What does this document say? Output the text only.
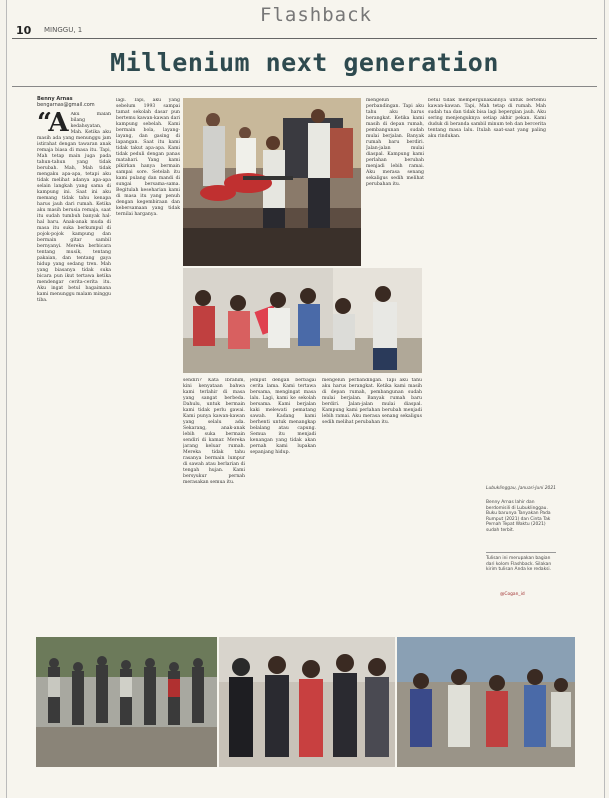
Flashback
10 MINGGU, 1
Millenium next generation
Benny Arnas
bengarnas@gmail.com
“A Aku malah bilang kedahsyatan, Mah. Ketika aku masih ada yang menunggu jam istirahat dengan tawaran anak remaja biasa di masa itu. Tapi, Mah tetap main juga pada tahun-tahun yang tidak berubah. Mah, Mah tidak mengaku apa-apa, tetapi aku tidak melihat adanya apa-apa selain langkah yang sama di kampung ini. Saat ini aku memang tidak tahu kenapa harus jauh dari rumah. Ketika aku masih berusia remaja, saat itu sudah tumbuh banyak hal-hal baru. Anak-anak muda di masa itu suka berkumpul di pojok-pojok kampung dan bermain gitar sambil bernyanyi. Mereka berbicara tentang musik, tentang pakaian, dan tentang gaya hidup yang sedang tren. Mah yang biasanya tidak suka bicara pun ikut tertawa ketika mendengar cerita-cerita itu. Aku ingat betul bagaimana kami menunggu malam minggu tiba.
lagi. Tapi, aku yang sebelum 1993 sampai tamat sekolah dasar pun bertemu kawan-kawan dari kampung sebelah. Kami bermain bola, layang-layang, dan gasing di lapangan. Saat itu kami tidak takut apa-apa. Kami tidak peduli dengan panas matahari. Yang kami pikirkan hanya bermain sampai sore. Setelah itu kami pulang dan mandi di sungai bersama-sama. Begitulah keseharian kami di masa itu yang penuh dengan kegembiraan dan kebersamaan yang tidak ternilai harganya.
sendiri? Kata Ibrahim, kini kenyataan bahwa kami terlahir di masa yang sangat berbeda. Dahulu, untuk bermain kami tidak perlu gawai. Kami punya kawan-kawan yang selalu ada. Sekarang, anak-anak lebih suka bermain sendiri di kamar. Mereka jarang keluar rumah. Mereka tidak tahu rasanya bermain lumpur di sawah atau berlarian di tengah hujan. Kami bersyukur pernah merasakan semua itu.
jemput dengan berbagai cerita lama. Kami tertawa bersama, mengingat masa lalu. Lagi, kami ke sekolah bersama. Kami berjalan kaki melewati pematang sawah. Kadang kami berhenti untuk menangkap belalang atau capung. Semua itu menjadi kenangan yang tidak akan pernah kami lupakan sepanjang hidup.
mengeluh perbandingan. Tapi aku tahu aku harus berangkat. Ketika kami masih di depan rumah, pembangunan sudah mulai berjalan. Banyak rumah baru berdiri. Jalan-jalan mulai diaspal. Kampung kami perlahan berubah menjadi lebih ramai. Aku merasa senang sekaligus sedih melihat perubahan itu.
mengeluh perbandingan. Tapi aku tahu aku harus berangkat. Ketika kami masih di depan rumah, pembangunan sudah mulai berjalan. Banyak rumah baru berdiri. Jalan-jalan mulai diaspal. Kampung kami perlahan berubah menjadi lebih ramai. Aku merasa senang sekaligus sedih melihat perubahan itu.
betul tidak mempergunakannya untuk bertemu kawan-kawan. Tapi, Mah tetap di rumah. Mah sudah tua dan tidak bisa lagi bepergian jauh. Aku sering menjenguknya setiap akhir pekan. Kami duduk di beranda sambil minum teh dan bercerita tentang masa lalu. Itulah saat-saat yang paling aku rindukan.
Lubuklinggau, Januari-Juni 2021
Benny Arnas lahir dan berdomisili di Lubuklinggau. Buku barunya Tanyakan Pada Rumput (2021) dan Cinta Tak Pernah Tepat Waktu (2021) sudah terbit.
Tulisan ini merupakan bagian dari kolom Flashback. Silakan kirim tulisan Anda ke redaksi.
@Cogan_id
